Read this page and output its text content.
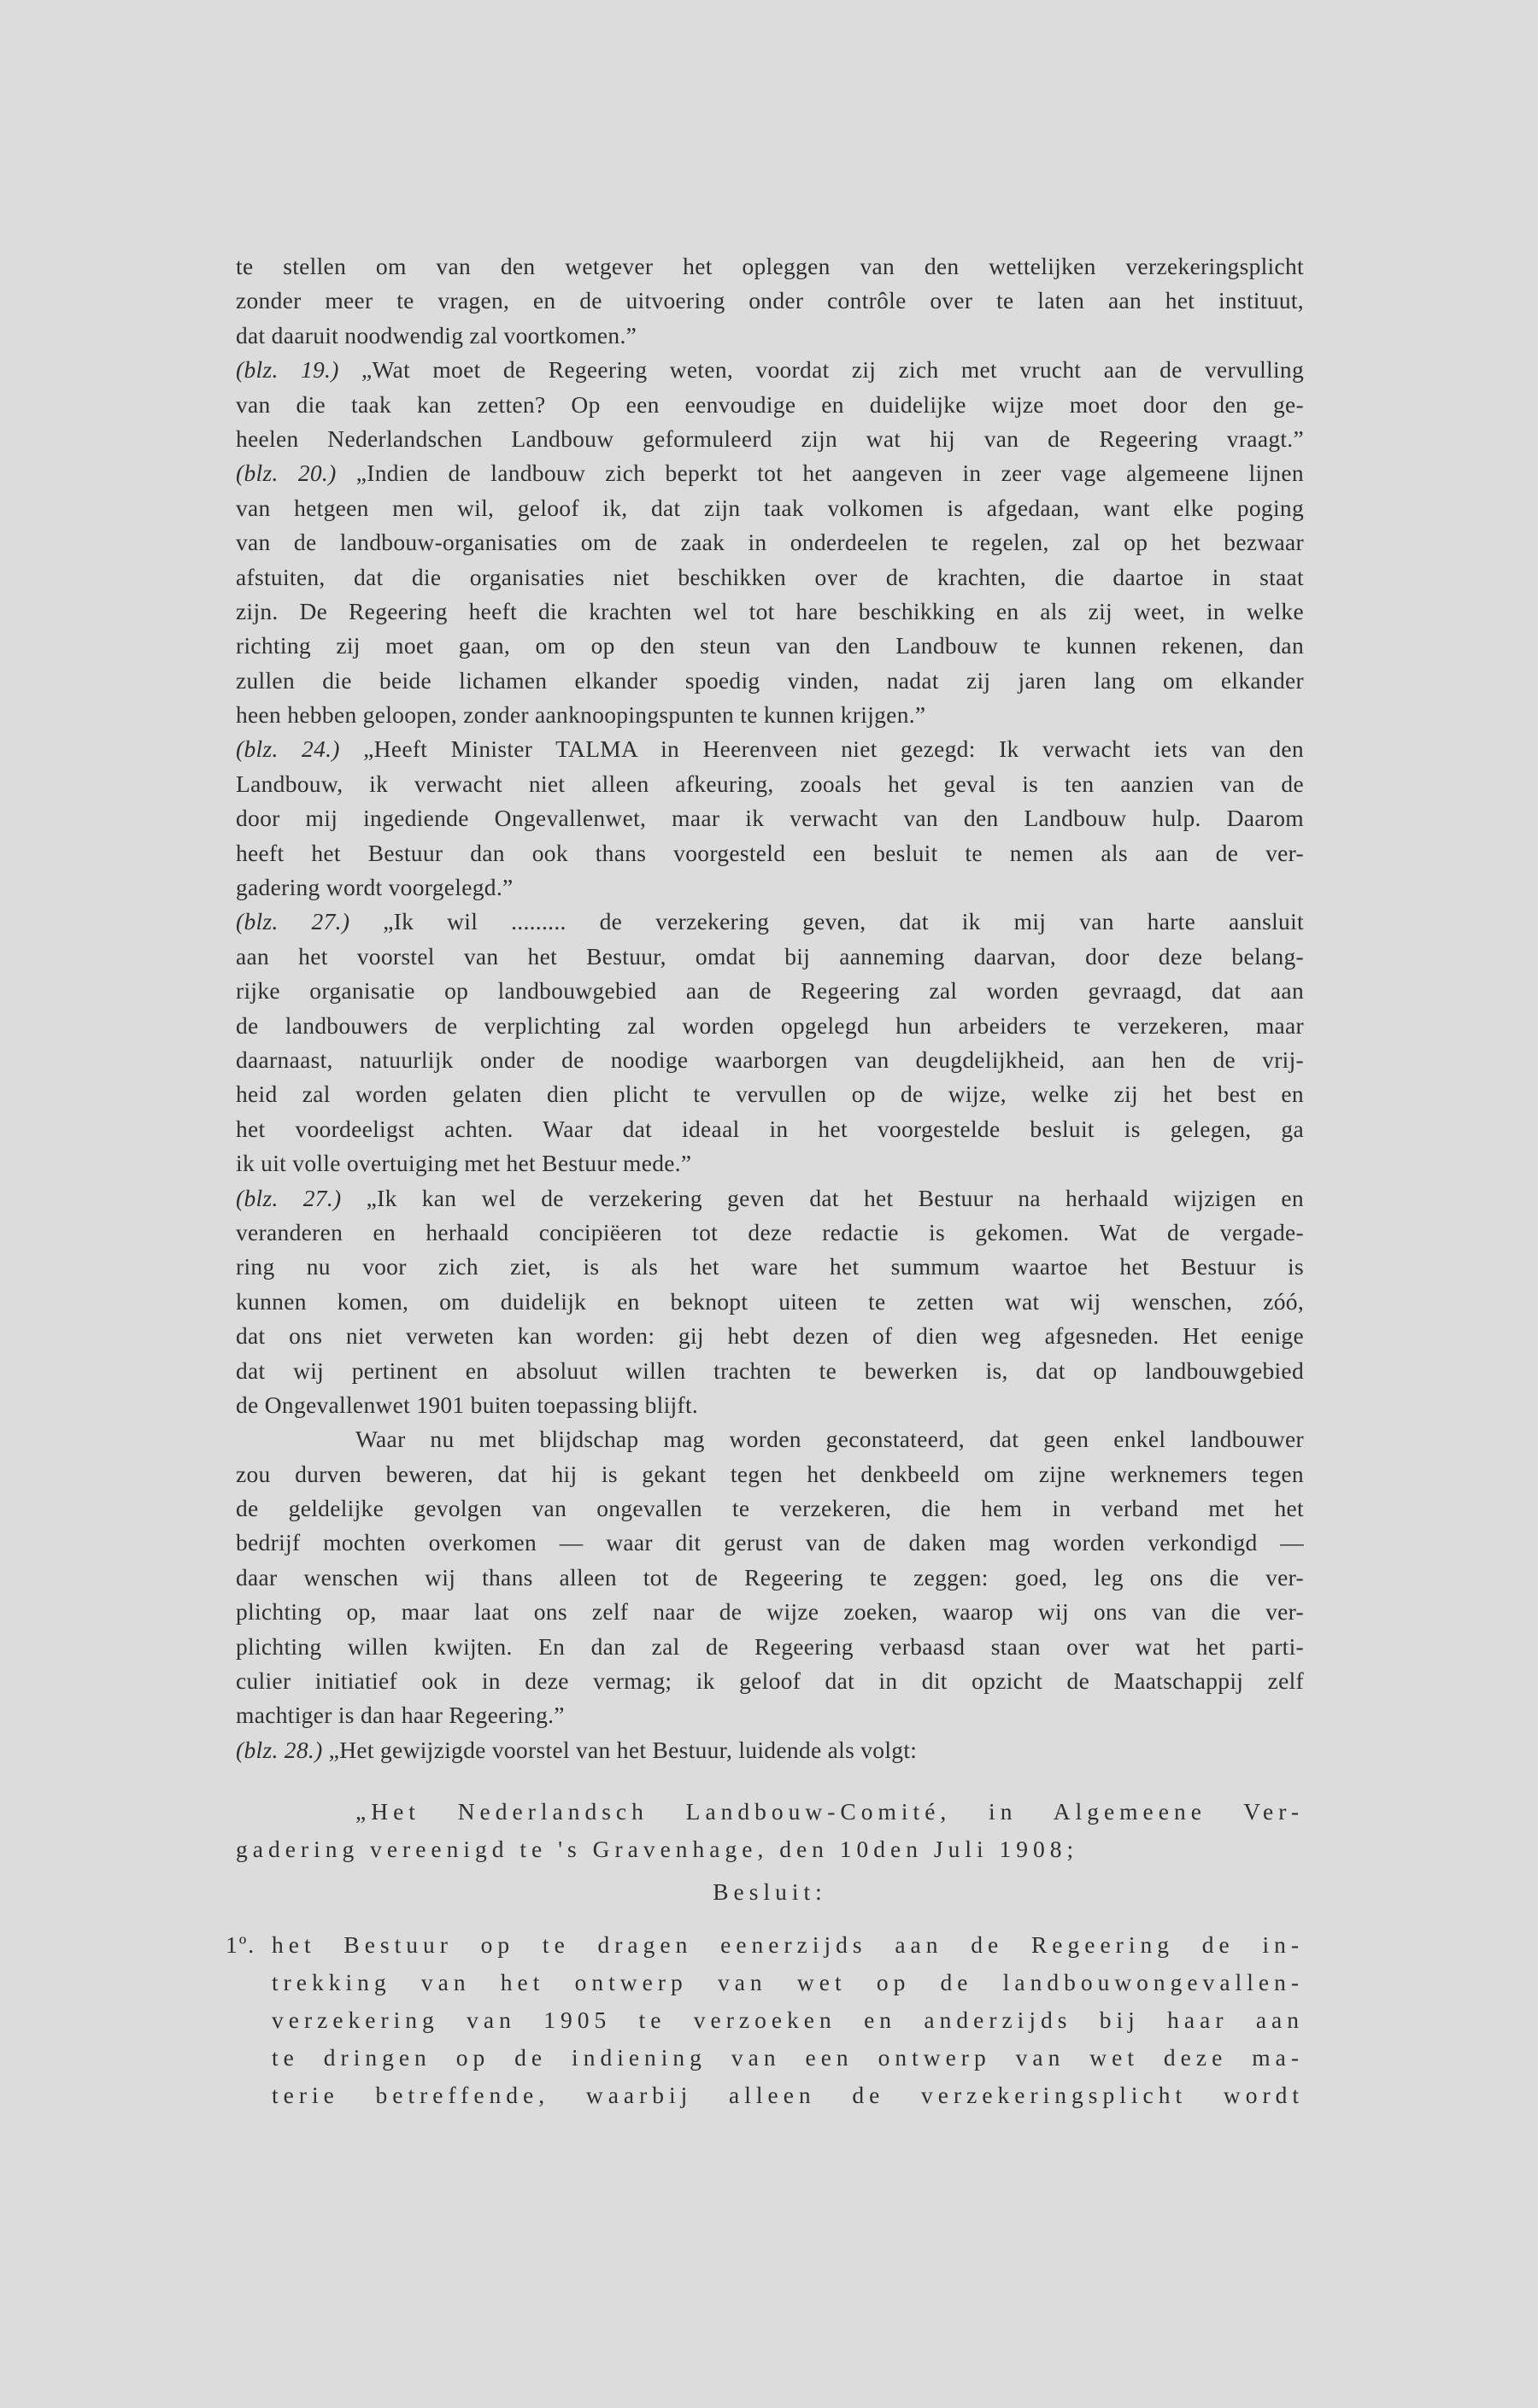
te stellen om van den wetgever het opleggen van den wettelijken verzekeringsplicht
zonder meer te vragen, en de uitvoering onder contrôle over te laten aan het instituut,
dat daaruit noodwendig zal voortkomen.”
(blz. 19.) „Wat moet de Regeering weten, voordat zij zich met vrucht aan de vervulling
van die taak kan zetten? Op een eenvoudige en duidelijke wijze moet door den ge-
heelen Nederlandschen Landbouw geformuleerd zijn wat hij van de Regeering vraagt.”
(blz. 20.) „Indien de landbouw zich beperkt tot het aangeven in zeer vage algemeene lijnen
van hetgeen men wil, geloof ik, dat zijn taak volkomen is afgedaan, want elke poging
van de landbouw-organisaties om de zaak in onderdeelen te regelen, zal op het bezwaar
afstuiten, dat die organisaties niet beschikken over de krachten, die daartoe in staat
zijn. De Regeering heeft die krachten wel tot hare beschikking en als zij weet, in welke
richting zij moet gaan, om op den steun van den Landbouw te kunnen rekenen, dan
zullen die beide lichamen elkander spoedig vinden, nadat zij jaren lang om elkander
heen hebben geloopen, zonder aanknoopingspunten te kunnen krijgen.”
(blz. 24.) „Heeft Minister TALMA in Heerenveen niet gezegd: Ik verwacht iets van den
Landbouw, ik verwacht niet alleen afkeuring, zooals het geval is ten aanzien van de
door mij ingediende Ongevallenwet, maar ik verwacht van den Landbouw hulp. Daarom
heeft het Bestuur dan ook thans voorgesteld een besluit te nemen als aan de ver-
gadering wordt voorgelegd.”
(blz. 27.) „Ik wil ......... de verzekering geven, dat ik mij van harte aansluit
aan het voorstel van het Bestuur, omdat bij aanneming daarvan, door deze belang-
rijke organisatie op landbouwgebied aan de Regeering zal worden gevraagd, dat aan
de landbouwers de verplichting zal worden opgelegd hun arbeiders te verzekeren, maar
daarnaast, natuurlijk onder de noodige waarborgen van deugdelijkheid, aan hen de vrij-
heid zal worden gelaten dien plicht te vervullen op de wijze, welke zij het best en
het voordeeligst achten. Waar dat ideaal in het voorgestelde besluit is gelegen, ga
ik uit volle overtuiging met het Bestuur mede.”
(blz. 27.) „Ik kan wel de verzekering geven dat het Bestuur na herhaald wijzigen en
veranderen en herhaald concipiëeren tot deze redactie is gekomen. Wat de vergade-
ring nu voor zich ziet, is als het ware het summum waartoe het Bestuur is
kunnen komen, om duidelijk en beknopt uiteen te zetten wat wij wenschen, zóó,
dat ons niet verweten kan worden: gij hebt dezen of dien weg afgesneden. Het eenige
dat wij pertinent en absoluut willen trachten te bewerken is, dat op landbouwgebied
de Ongevallenwet 1901 buiten toepassing blijft.
Waar nu met blijdschap mag worden geconstateerd, dat geen enkel landbouwer
zou durven beweren, dat hij is gekant tegen het denkbeeld om zijne werknemers tegen
de geldelijke gevolgen van ongevallen te verzekeren, die hem in verband met het
bedrijf mochten overkomen — waar dit gerust van de daken mag worden verkondigd —
daar wenschen wij thans alleen tot de Regeering te zeggen: goed, leg ons die ver-
plichting op, maar laat ons zelf naar de wijze zoeken, waarop wij ons van die ver-
plichting willen kwijten. En dan zal de Regeering verbaasd staan over wat het parti-
culier initiatief ook in deze vermag; ik geloof dat in dit opzicht de Maatschappij zelf
machtiger is dan haar Regeering.”
(blz. 28.) „Het gewijzigde voorstel van het Bestuur, luidende als volgt:
„Het Nederlandsch Landbouw-Comité, in Algemeene Ver-
gadering vereenigd te 's Gravenhage, den 10den Juli 1908;
Besluit:
1º. het Bestuur op te dragen eenerzijds aan de Regeering de in-
trekking van het ontwerp van wet op de landbouwongevallen-
verzekering van 1905 te verzoeken en anderzijds bij haar aan
te dringen op de indiening van een ontwerp van wet deze ma-
terie betreffende, waarbij alleen de verzekeringsplicht wordt
